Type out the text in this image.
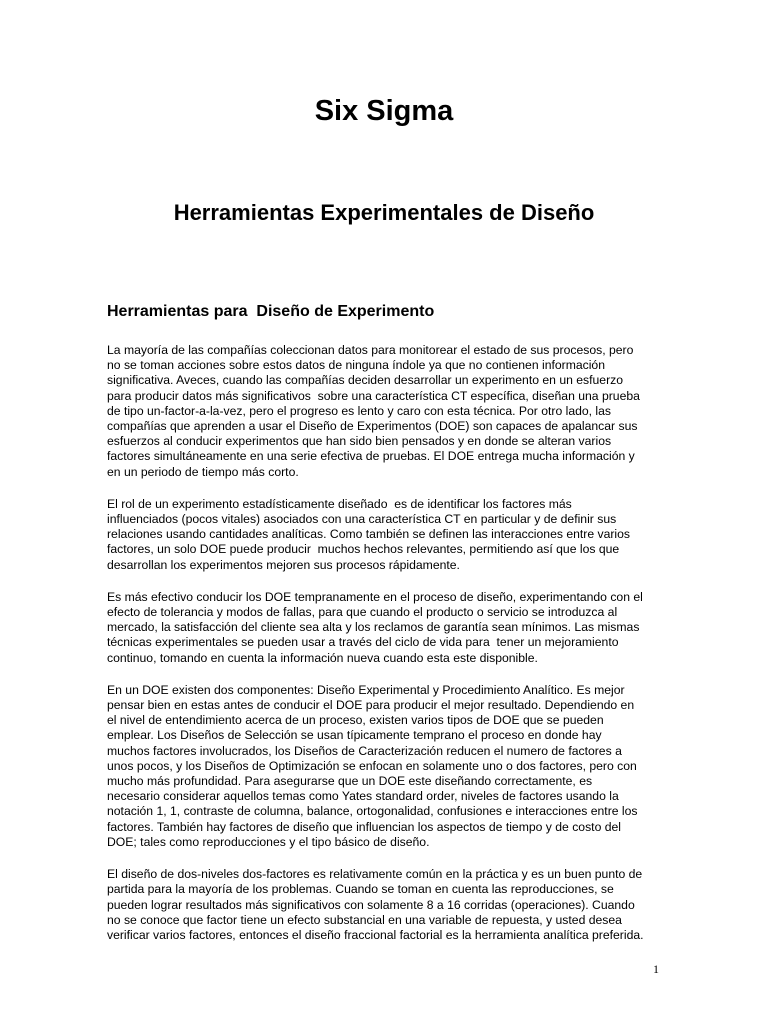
Six Sigma
Herramientas Experimentales de Diseño
Herramientas para  Diseño de Experimento

La mayoría de las compañías coleccionan datos para monitorear el estado de sus procesos, pero
no se toman acciones sobre estos datos de ninguna índole ya que no contienen información
significativa. Aveces, cuando las compañías deciden desarrollar un experimento en un esfuerzo
para producir datos más significativos  sobre una característica CT específica, diseñan una prueba
de tipo un-factor-a-la-vez, pero el progreso es lento y caro con esta técnica. Por otro lado, las
compañías que aprenden a usar el Diseño de Experimentos (DOE) son capaces de apalancar sus
esfuerzos al conducir experimentos que han sido bien pensados y en donde se alteran varios
factores simultáneamente en una serie efectiva de pruebas. El DOE entrega mucha información y
en un periodo de tiempo más corto.

El rol de un experimento estadísticamente diseñado  es de identificar los factores más
influenciados (pocos vitales) asociados con una característica CT en particular y de definir sus
relaciones usando cantidades analíticas. Como también se definen las interacciones entre varios
factores, un solo DOE puede producir  muchos hechos relevantes, permitiendo así que los que
desarrollan los experimentos mejoren sus procesos rápidamente.

Es más efectivo conducir los DOE tempranamente en el proceso de diseño, experimentando con el
efecto de tolerancia y modos de fallas, para que cuando el producto o servicio se introduzca al
mercado, la satisfacción del cliente sea alta y los reclamos de garantía sean mínimos. Las mismas
técnicas experimentales se pueden usar a través del ciclo de vida para  tener un mejoramiento
continuo, tomando en cuenta la información nueva cuando esta este disponible.

En un DOE existen dos componentes: Diseño Experimental y Procedimiento Analítico. Es mejor
pensar bien en estas antes de conducir el DOE para producir el mejor resultado. Dependiendo en
el nivel de entendimiento acerca de un proceso, existen varios tipos de DOE que se pueden
emplear. Los Diseños de Selección se usan típicamente temprano el proceso en donde hay
muchos factores involucrados, los Diseños de Caracterización reducen el numero de factores a
unos pocos, y los Diseños de Optimización se enfocan en solamente uno o dos factores, pero con
mucho más profundidad. Para asegurarse que un DOE este diseñando correctamente, es
necesario considerar aquellos temas como Yates standard order, niveles de factores usando la
notación 1, 1, contraste de columna, balance, ortogonalidad, confusiones e interacciones entre los
factores. También hay factores de diseño que influencian los aspectos de tiempo y de costo del
DOE; tales como reproducciones y el tipo básico de diseño.

El diseño de dos-niveles dos-factores es relativamente común en la práctica y es un buen punto de
partida para la mayoría de los problemas. Cuando se toman en cuenta las reproducciones, se
pueden lograr resultados más significativos con solamente 8 a 16 corridas (operaciones). Cuando
no se conoce que factor tiene un efecto substancial en una variable de repuesta, y usted desea
verificar varios factores, entonces el diseño fraccional factorial es la herramienta analítica preferida.

1
